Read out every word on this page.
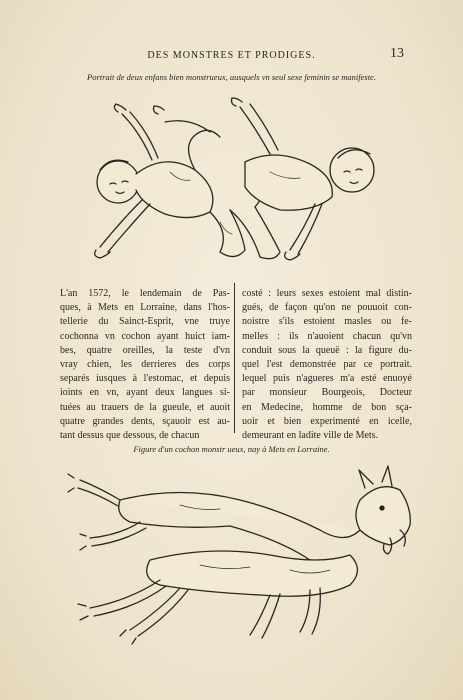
DES MONSTRES ET PRODIGES.	13
Portrait de deux enfans bien monstrueux, ausquels vn seul sexe feminin se manifeste.
L'an 1572, le lendemain de Pas-
ques, à Mets en Lorraine, dans l'hos-
tellerie du Sainct-Esprit, vne truye
cochonna vn cochon ayant huict iam-
bes, quatre oreilles, la teste d'vn
vray chien, les derrieres des corps
separés iusques à l'estomac, et depuis
ioints en vn, ayant deux langues si-
tuées au trauers de la gueule, et auoit
quatre grandes dents, sçauoir est au-
tant dessus que dessous, de chacun
costé : leurs sexes estoient mal distin-
gués, de façon qu'on ne pouuoit con-
noistre s'ils estoient masles ou fe-
melles : ils n'auoient chacun qu'vn
conduit sous la queuë : la figure du-
quel l'est demonstrée par ce portrait.
lequel puis n'agueres m'a esté enuoyé
par monsieur Bourgeois, Docteur
en Medecine, homme de bon sça-
uoir et bien experimenté en icelle,
demeurant en ladite ville de Mets.
Figure d'un cochon monstr ueux, nay à Mets en Lorraine.
